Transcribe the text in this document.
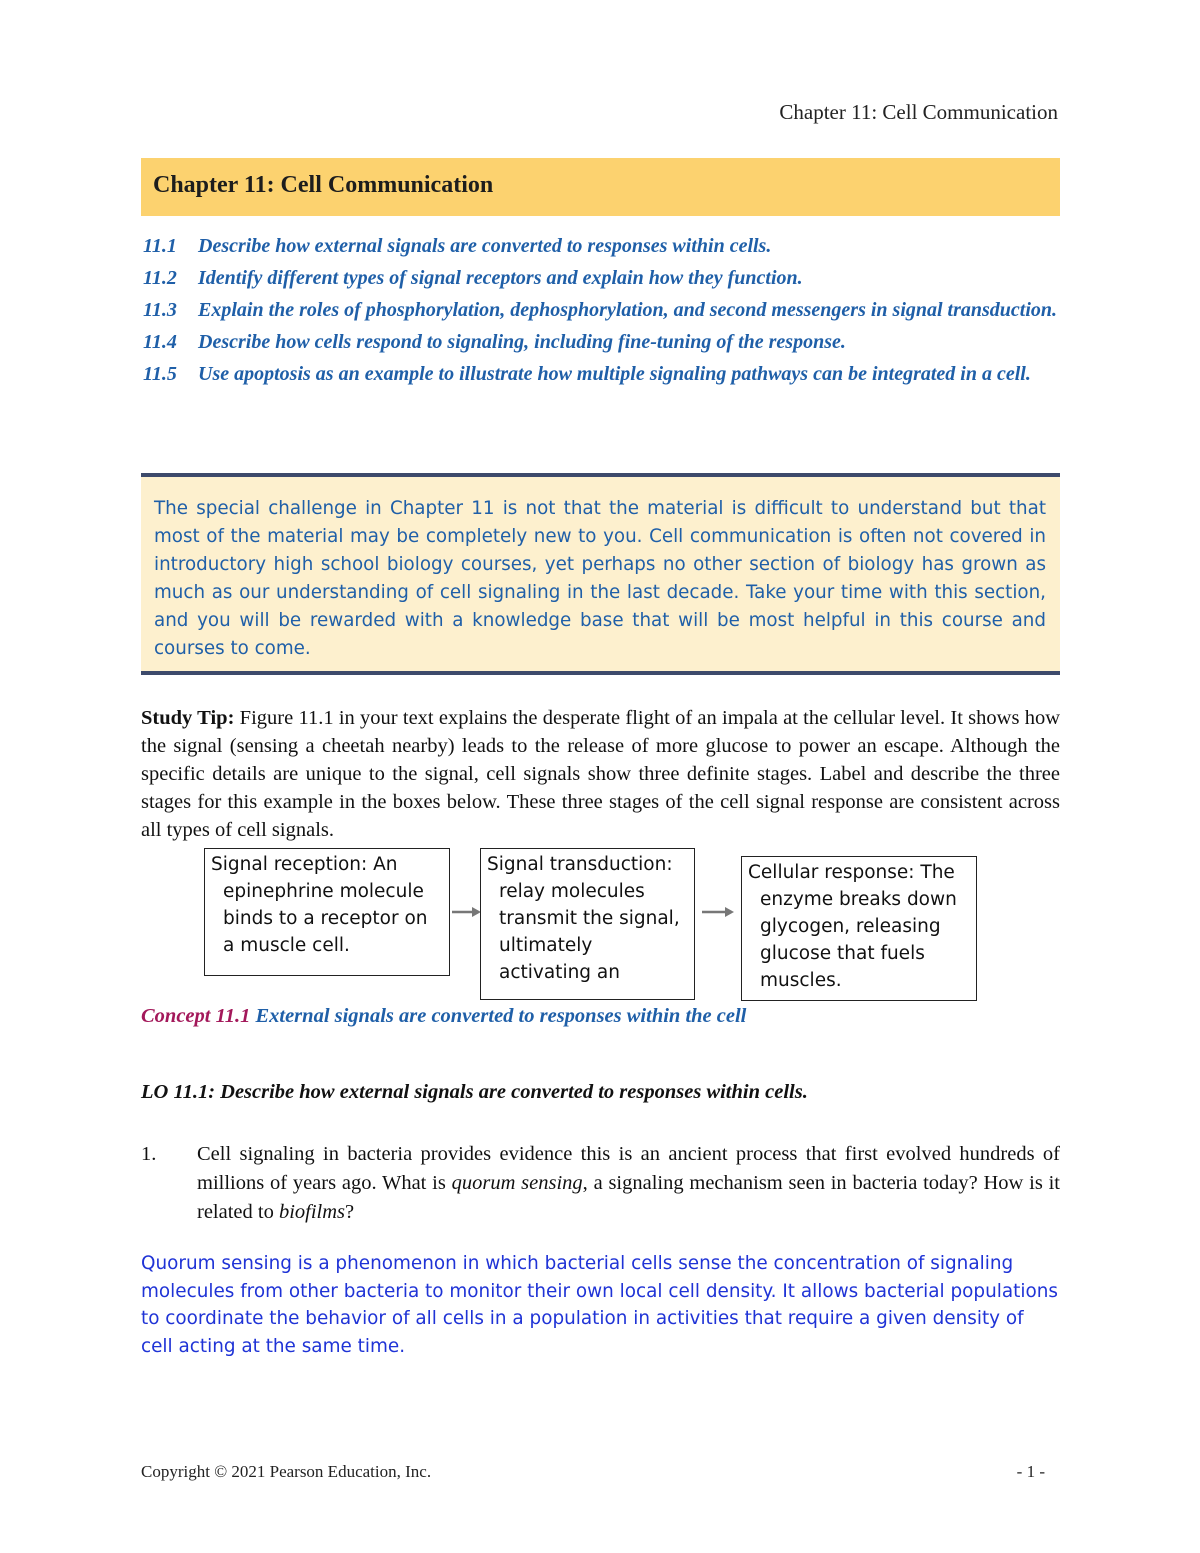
Chapter 11: Cell Communication
Chapter 11: Cell Communication
11.1	Describe how external signals are converted to responses within cells.
11.2	Identify different types of signal receptors and explain how they function.
11.3	Explain the roles of phosphorylation, dephosphorylation, and second messengers in signal transduction.
11.4	Describe how cells respond to signaling, including fine-tuning of the response.
11.5	Use apoptosis as an example to illustrate how multiple signaling pathways can be integrated in a cell.

The special challenge in Chapter 11 is not that the material is difficult to understand but that most of the material may be completely new to you. Cell communication is often not covered in introductory high school biology courses, yet perhaps no other section of biology has grown as much as our understanding of cell signaling in the last decade. Take your time with this section, and you will be rewarded with a knowledge base that will be most helpful in this course and courses to come.

Study Tip: Figure 11.1 in your text explains the desperate flight of an impala at the cellular level. It shows how the signal (sensing a cheetah nearby) leads to the release of more glucose to power an escape. Although the specific details are unique to the signal, cell signals show three definite stages. Label and describe the three stages for this example in the boxes below. These three stages of the cell signal response are consistent across all types of cell signals.

Signal reception: An
epinephrine molecule
binds to a receptor on
a muscle cell.
Signal transduction:
relay molecules
transmit the signal,
ultimately
activating an
Cellular response: The
enzyme breaks down
glycogen, releasing
glucose that fuels
muscles.
Concept 11.1 External signals are converted to responses within the cell
LO 11.1: Describe how external signals are converted to responses within cells.
1.	Cell signaling in bacteria provides evidence this is an ancient process that first evolved hundreds of millions of years ago. What is quorum sensing, a signaling mechanism seen in bacteria today? How is it related to biofilms?

Quorum sensing is a phenomenon in which bacterial cells sense the concentration of signaling molecules from other bacteria to monitor their own local cell density. It allows bacterial populations to coordinate the behavior of all cells in a population in activities that require a given density of cell acting at the same time.

Copyright © 2021 Pearson Education, Inc.	- 1 -
